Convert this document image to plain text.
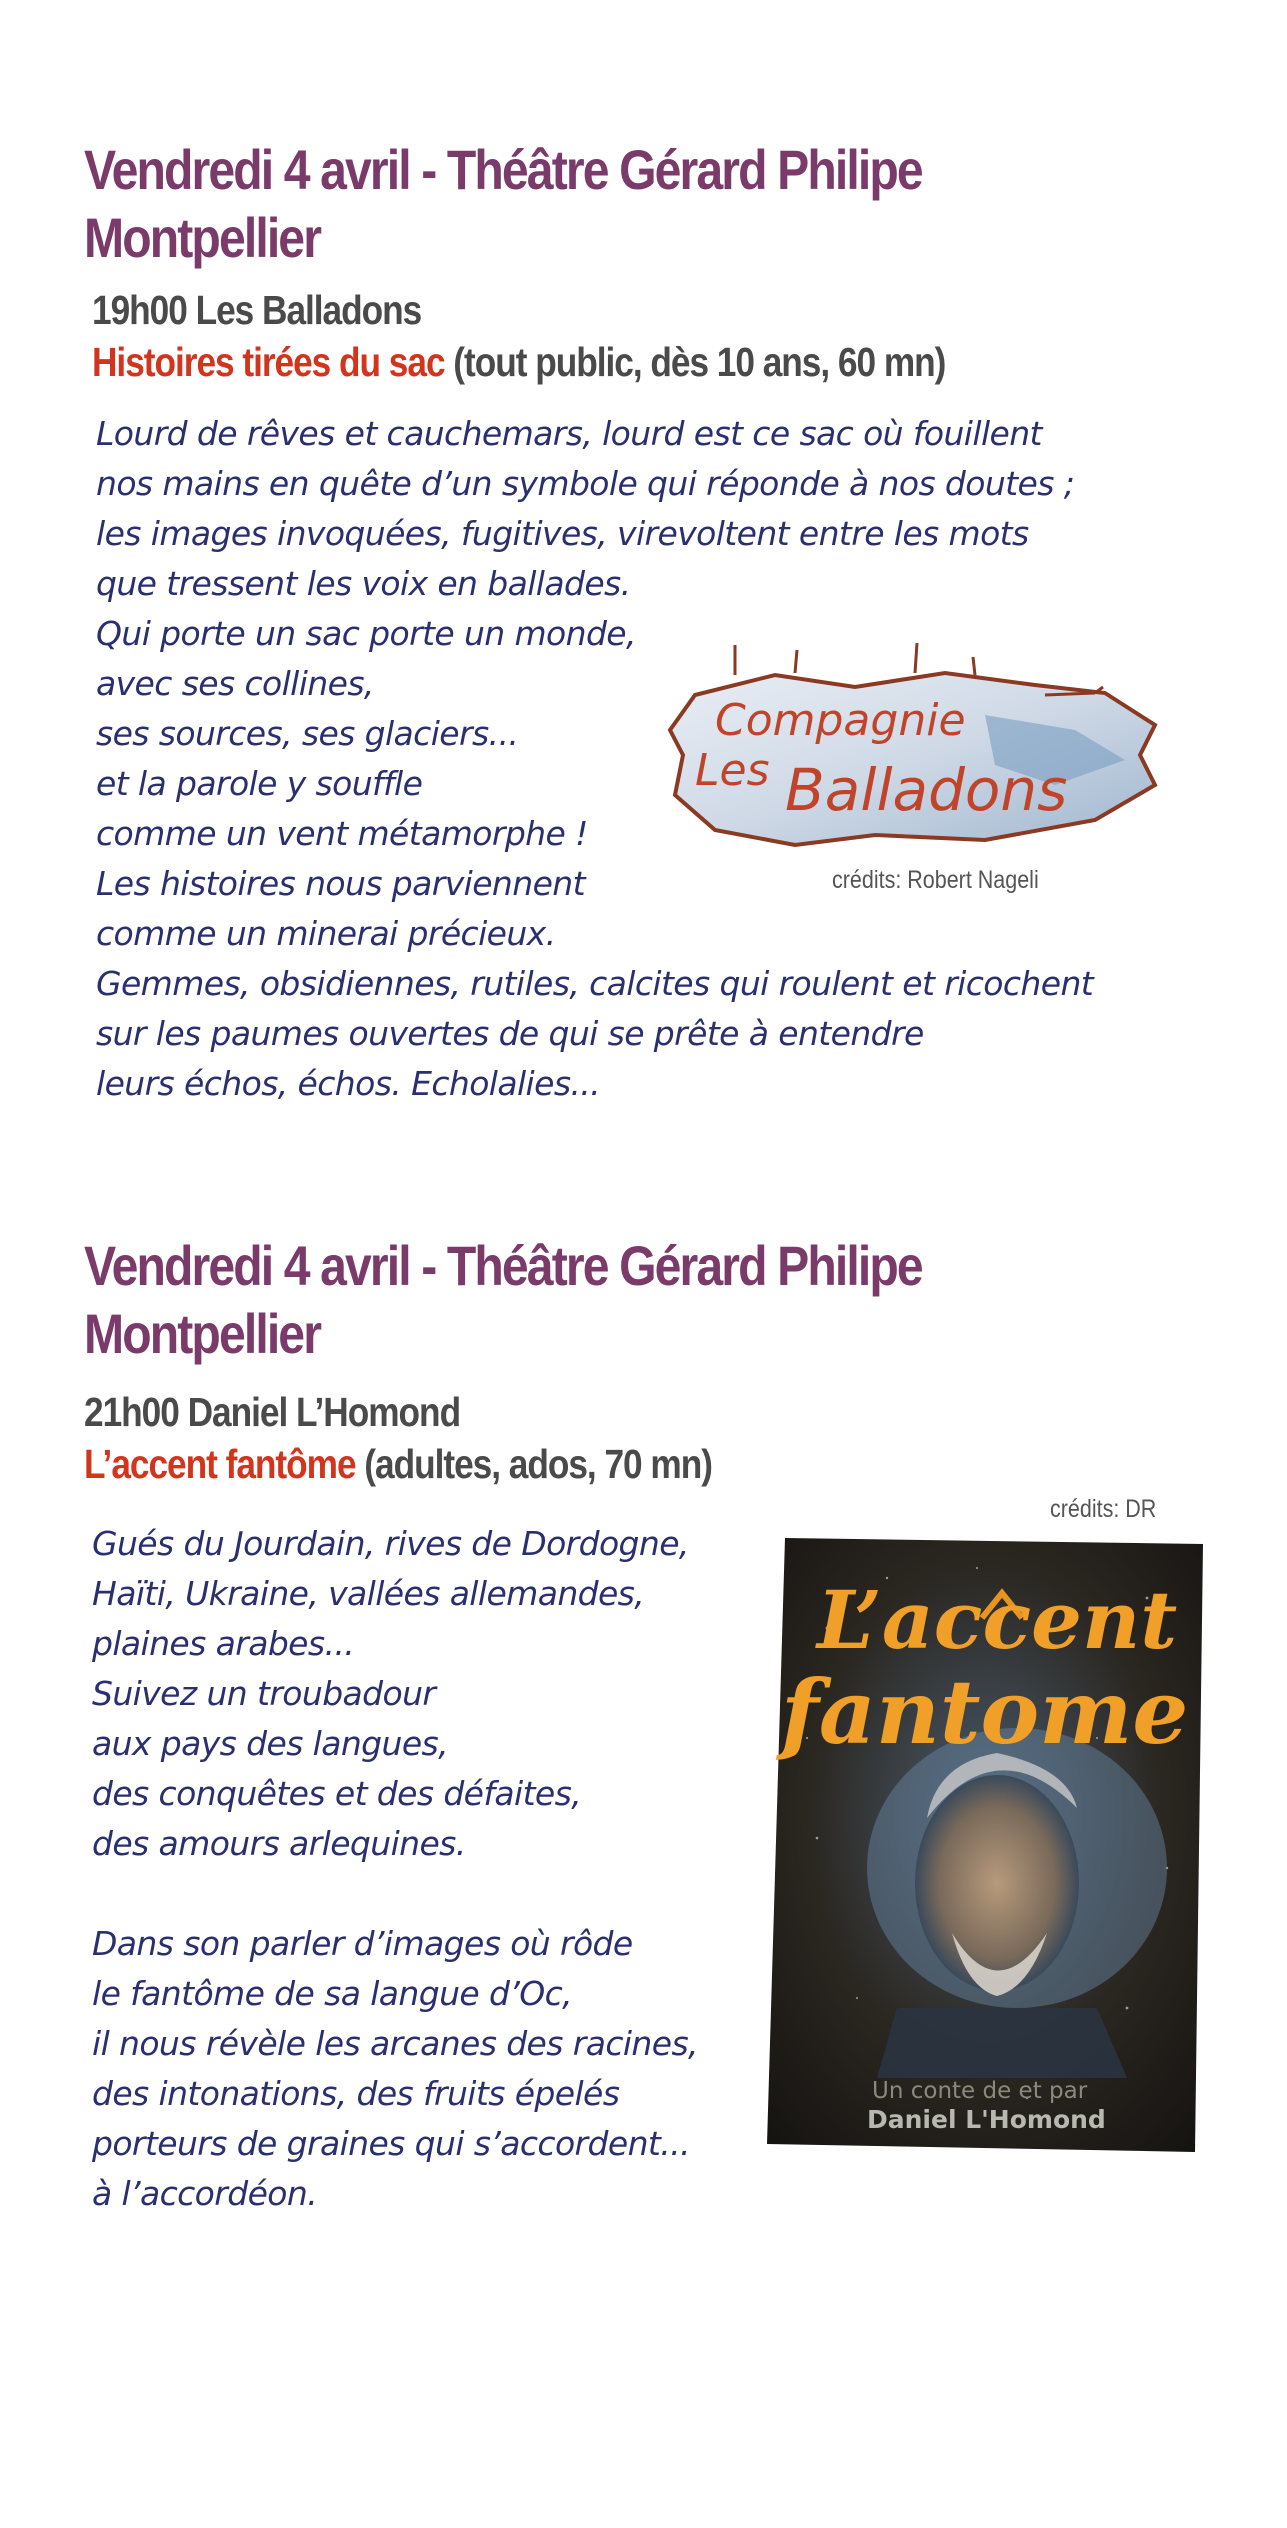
Vendredi 4 avril - Théâtre Gérard Philipe
Montpellier
19h00 Les Balladons
Histoires tirées du sac (tout public, dès 10 ans, 60 mn)
Lourd de rêves et cauchemars, lourd est ce sac où fouillent
nos mains en quête d’un symbole qui réponde à nos doutes ;
les images invoquées, fugitives, virevoltent entre les mots
que tressent les voix en ballades.
Qui porte un sac porte un monde,
avec ses collines,
ses sources, ses glaciers...
et la parole y souffle
comme un vent métamorphe !
Les histoires nous parviennent
comme un minerai précieux.
Gemmes, obsidiennes, rutiles, calcites qui roulent et ricochent
sur les paumes ouvertes de qui se prête à entendre
leurs échos, échos. Echolalies...
Compagnie
Les Balladons
crédits: Robert Nageli
Vendredi 4 avril - Théâtre Gérard Philipe
Montpellier
21h00 Daniel L’Homond
L’accent fantôme (adultes, ados, 70 mn)
crédits: DR
Gués du Jourdain, rives de Dordogne,
Haïti, Ukraine, vallées allemandes,
plaines arabes...
Suivez un troubadour
aux pays des langues,
des conquêtes et des défaites,
des amours arlequines.
Dans son parler d’images où rôde
le fantôme de sa langue d’Oc,
il nous révèle les arcanes des racines,
des intonations, des fruits épelés
porteurs de graines qui s’accordent...
à l’accordéon.
L’accent
fantome
Un conte de et par
Daniel L'Homond
